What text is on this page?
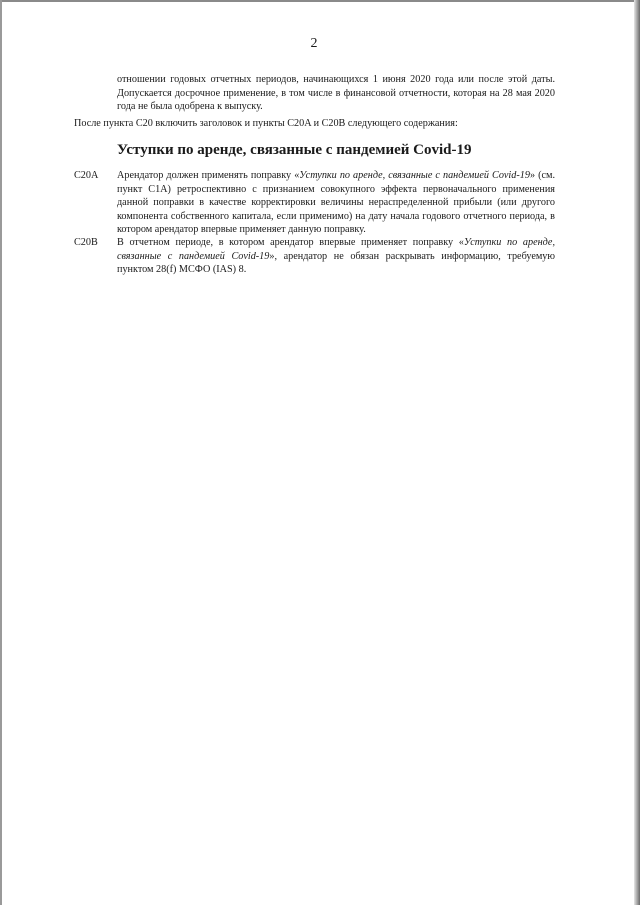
2
отношении годовых отчетных периодов, начинающихся 1 июня 2020 года или после этой даты.
Допускается досрочное применение, в том числе в финансовой отчетности, которая на 28 мая 2020
года не была одобрена к выпуску.
После пункта C20 включить заголовок и пункты C20A и C20B следующего содержания:
Уступки по аренде, связанные с пандемией Covid-19
C20A Арендатор должен применять поправку «Уступки по аренде, связанные с пандемией Covid-19» (см.
пункт C1A) ретроспективно с признанием совокупного эффекта первоначального применения
данной поправки в качестве корректировки величины нераспределенной прибыли (или другого
компонента собственного капитала, если применимо) на дату начала годового отчетного периода, в
котором арендатор впервые применяет данную поправку.
C20B В отчетном периоде, в котором арендатор впервые применяет поправку «Уступки по аренде,
связанные с пандемией Covid-19», арендатор не обязан раскрывать информацию, требуемую
пунктом 28(f) МСФО (IAS) 8.
